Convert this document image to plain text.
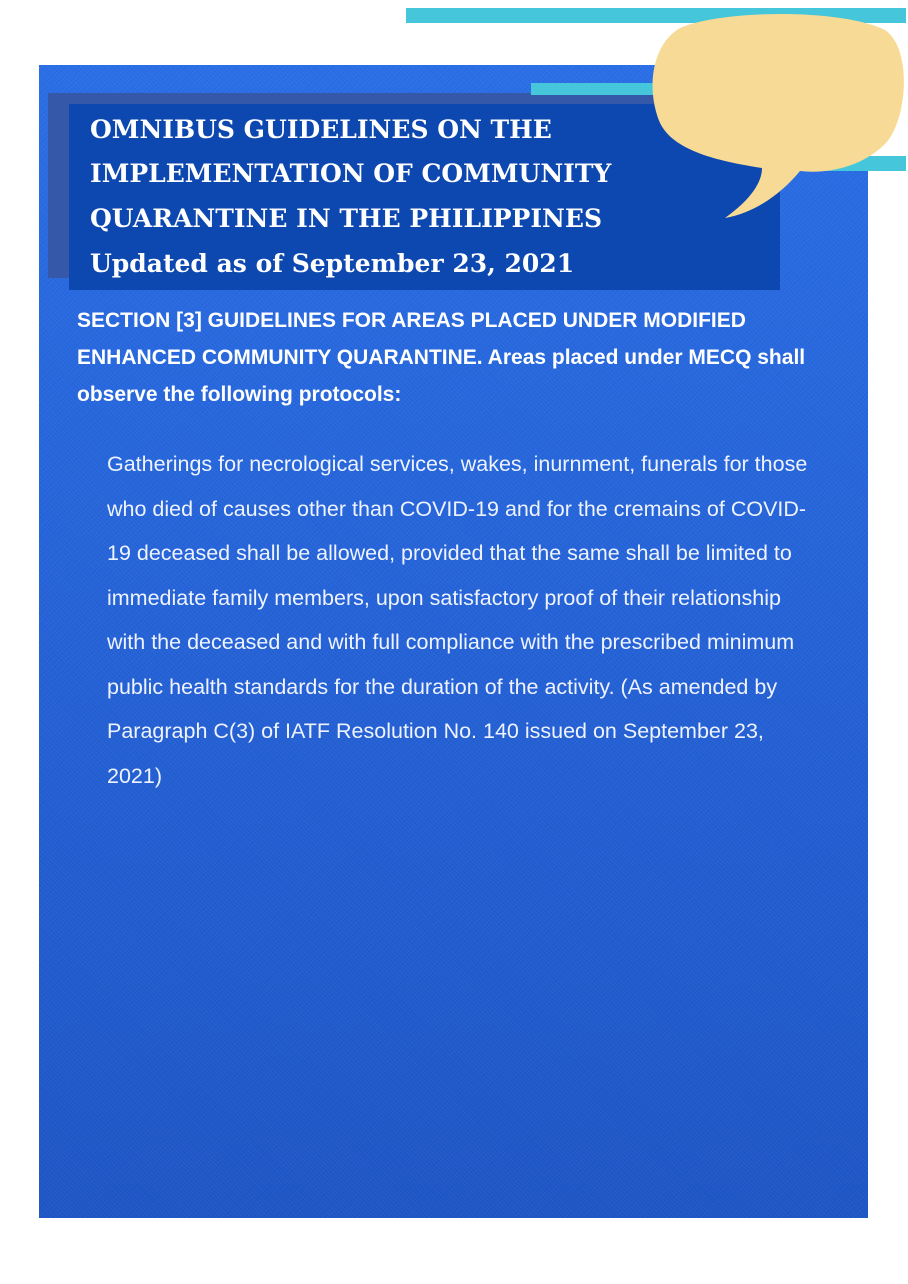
OMNIBUS GUIDELINES ON THE

IMPLEMENTATION OF COMMUNITY

QUARANTINE IN THE PHILIPPINES

Updated as of September 23, 2021

SECTION [3] GUIDELINES FOR AREAS PLACED UNDER MODIFIED ENHANCED COMMUNITY QUARANTINE. Areas placed under MECQ shall observe the following protocols:

Gatherings for necrological services, wakes, inurnment, funerals for those who died of causes other than COVID-19 and for the cremains of COVID-19 deceased shall be allowed, provided that the same shall be limited to immediate family members, upon satisfactory proof of their relationship with the deceased and with full compliance with the prescribed minimum public health standards for the duration of the activity. (As amended by Paragraph C(3) of IATF Resolution No. 140 issued on September 23, 2021)
